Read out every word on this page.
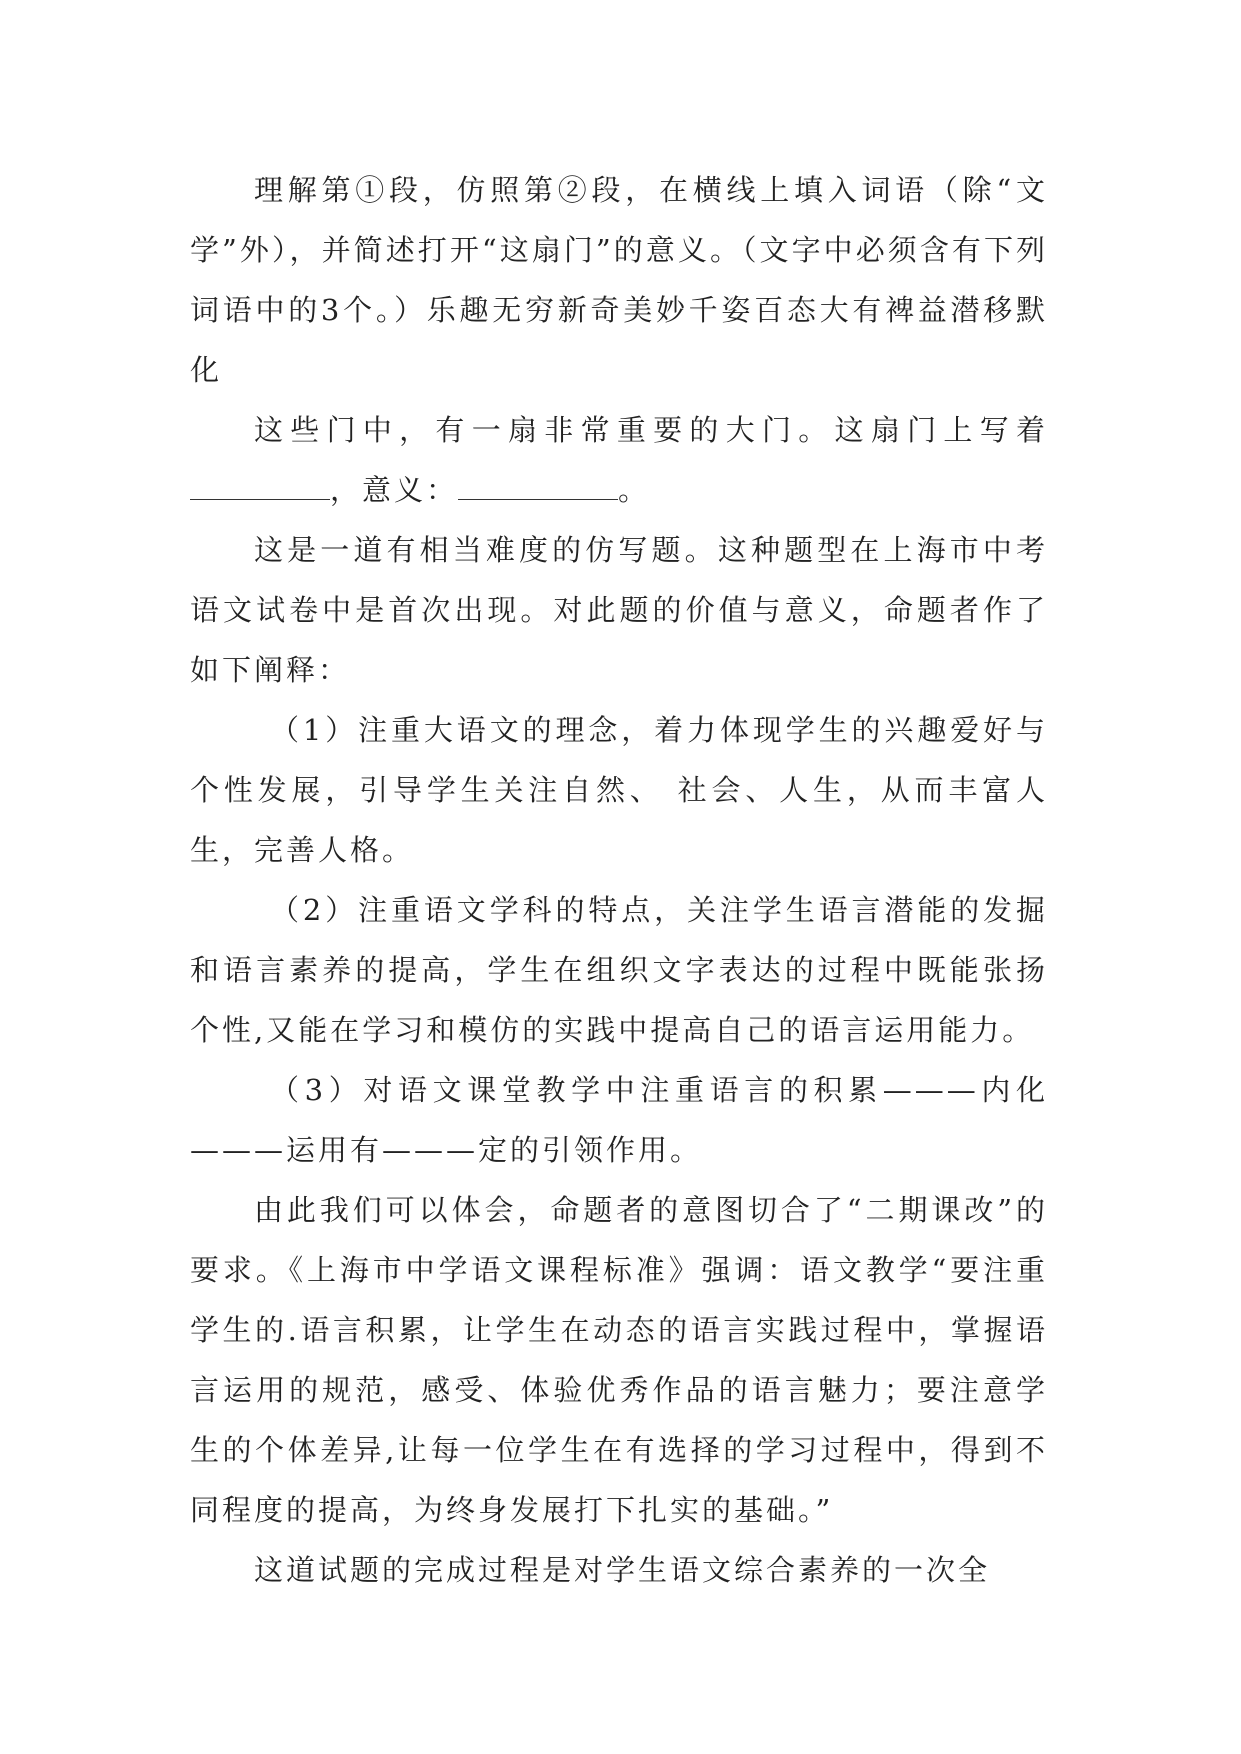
理解第①段，仿照第②段，在横线上填入词语（除“文学”外），并简述打开“这扇门”的意义。（文字中必须含有下列词语中的3个。）乐趣无穷新奇美妙千姿百态大有裨益潜移默化

这些门中，有一扇非常重要的大门。这扇门上写着，意义：	。

这是一道有相当难度的仿写题。这种题型在上海市中考语文试卷中是首次出现。对此题的价值与意义，命题者作了如下阐释：

（1）注重大语文的理念，着力体现学生的兴趣爱好与个性发展，引导学生关注自然、 社会、人生，从而丰富人生，完善人格。

（2）注重语文学科的特点，关注学生语言潜能的发掘和语言素养的提高，学生在组织文字表达的过程中既能张扬个性,又能在学习和模仿的实践中提高自己的语言运用能力。

（3）对语文课堂教学中注重语言的积累———内化———运用有———定的引领作用。

由此我们可以体会，命题者的意图切合了“二期课改”的要求。《上海市中学语文课程标准》强调：语文教学“要注重学生的.语言积累，让学生在动态的语言实践过程中，掌握语言运用的规范，感受、体验优秀作品的语言魅力；要注意学生的个体差异,让每一位学生在有选择的学习过程中，得到不同程度的提高，为终身发展打下扎实的基础。”

这道试题的完成过程是对学生语文综合素养的一次全
